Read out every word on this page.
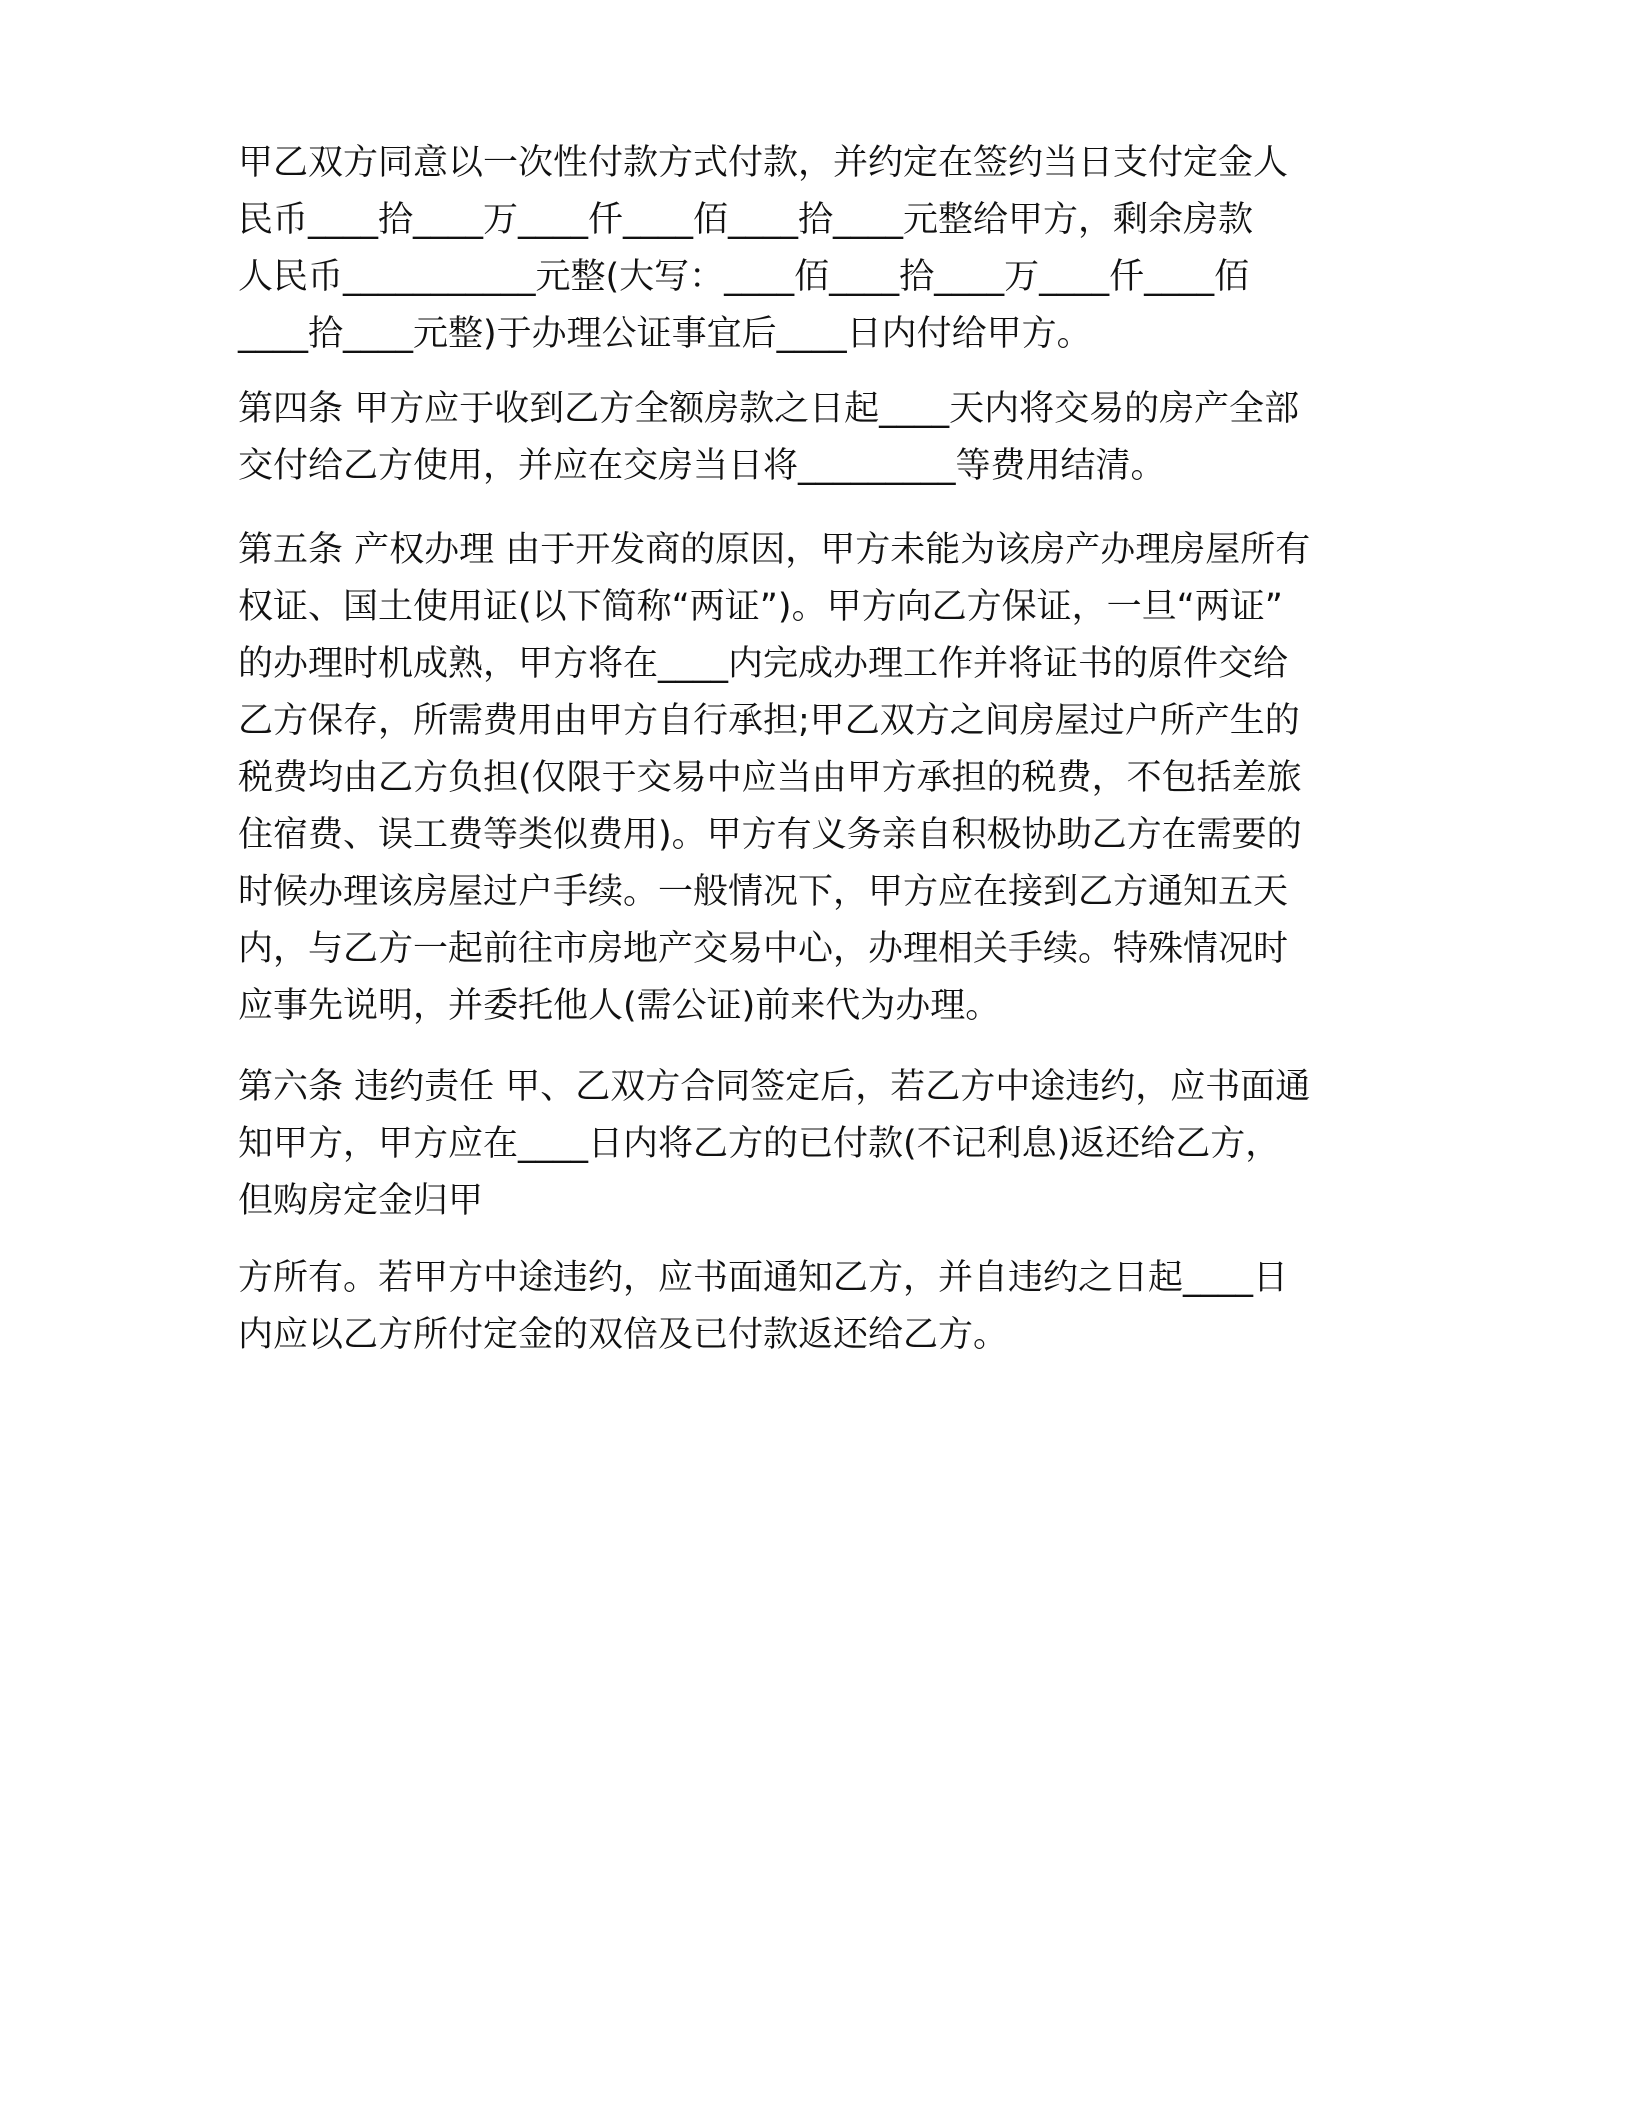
甲乙双方同意以一次性付款方式付款，并约定在签约当日支付定金人
民币____拾____万____仟____佰____拾____元整给甲方，剩余房款
人民币___________元整(大写：____佰____拾____万____仟____佰
____拾____元整)于办理公证事宜后____日内付给甲方。
第四条 甲方应于收到乙方全额房款之日起____天内将交易的房产全部
交付给乙方使用，并应在交房当日将_________等费用结清。
第五条 产权办理 由于开发商的原因，甲方未能为该房产办理房屋所有
权证、国土使用证(以下简称“两证”)。甲方向乙方保证，一旦“两证”
的办理时机成熟，甲方将在____内完成办理工作并将证书的原件交给
乙方保存，所需费用由甲方自行承担;甲乙双方之间房屋过户所产生的
税费均由乙方负担(仅限于交易中应当由甲方承担的税费，不包括差旅
住宿费、误工费等类似费用)。甲方有义务亲自积极协助乙方在需要的
时候办理该房屋过户手续。一般情况下，甲方应在接到乙方通知五天
内，与乙方一起前往市房地产交易中心，办理相关手续。特殊情况时
应事先说明，并委托他人(需公证)前来代为办理。
第六条 违约责任 甲、乙双方合同签定后，若乙方中途违约，应书面通
知甲方，甲方应在____日内将乙方的已付款(不记利息)返还给乙方，
但购房定金归甲
方所有。若甲方中途违约，应书面通知乙方，并自违约之日起____日
内应以乙方所付定金的双倍及已付款返还给乙方。
